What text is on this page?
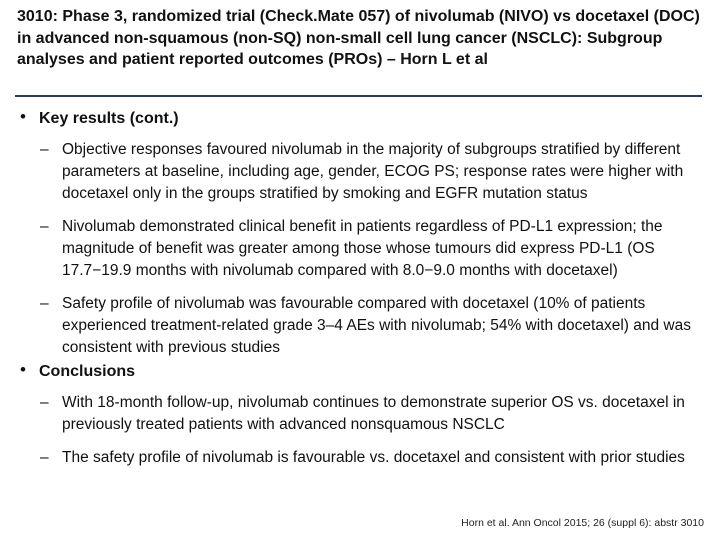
3010: Phase 3, randomized trial (Check.Mate 057) of nivolumab (NIVO) vs docetaxel (DOC) in advanced non-squamous (non-SQ) non-small cell lung cancer (NSCLC): Subgroup analyses and patient reported outcomes (PROs) – Horn L et al
• Key results (cont.)
– Objective responses favoured nivolumab in the majority of subgroups stratified by different parameters at baseline, including age, gender, ECOG PS; response rates were higher with docetaxel only in the groups stratified by smoking and EGFR mutation status
– Nivolumab demonstrated clinical benefit in patients regardless of PD-L1 expression; the magnitude of benefit was greater among those whose tumours did express PD-L1 (OS 17.7−19.9 months with nivolumab compared with 8.0−9.0 months with docetaxel)
– Safety profile of nivolumab was favourable compared with docetaxel (10% of patients experienced treatment-related grade 3–4 AEs with nivolumab; 54% with docetaxel) and was consistent with previous studies
• Conclusions
– With 18-month follow-up, nivolumab continues to demonstrate superior OS vs. docetaxel in previously treated patients with advanced nonsquamous NSCLC
– The safety profile of nivolumab is favourable vs. docetaxel and consistent with prior studies
Horn et al. Ann Oncol 2015; 26 (suppl 6): abstr 3010
